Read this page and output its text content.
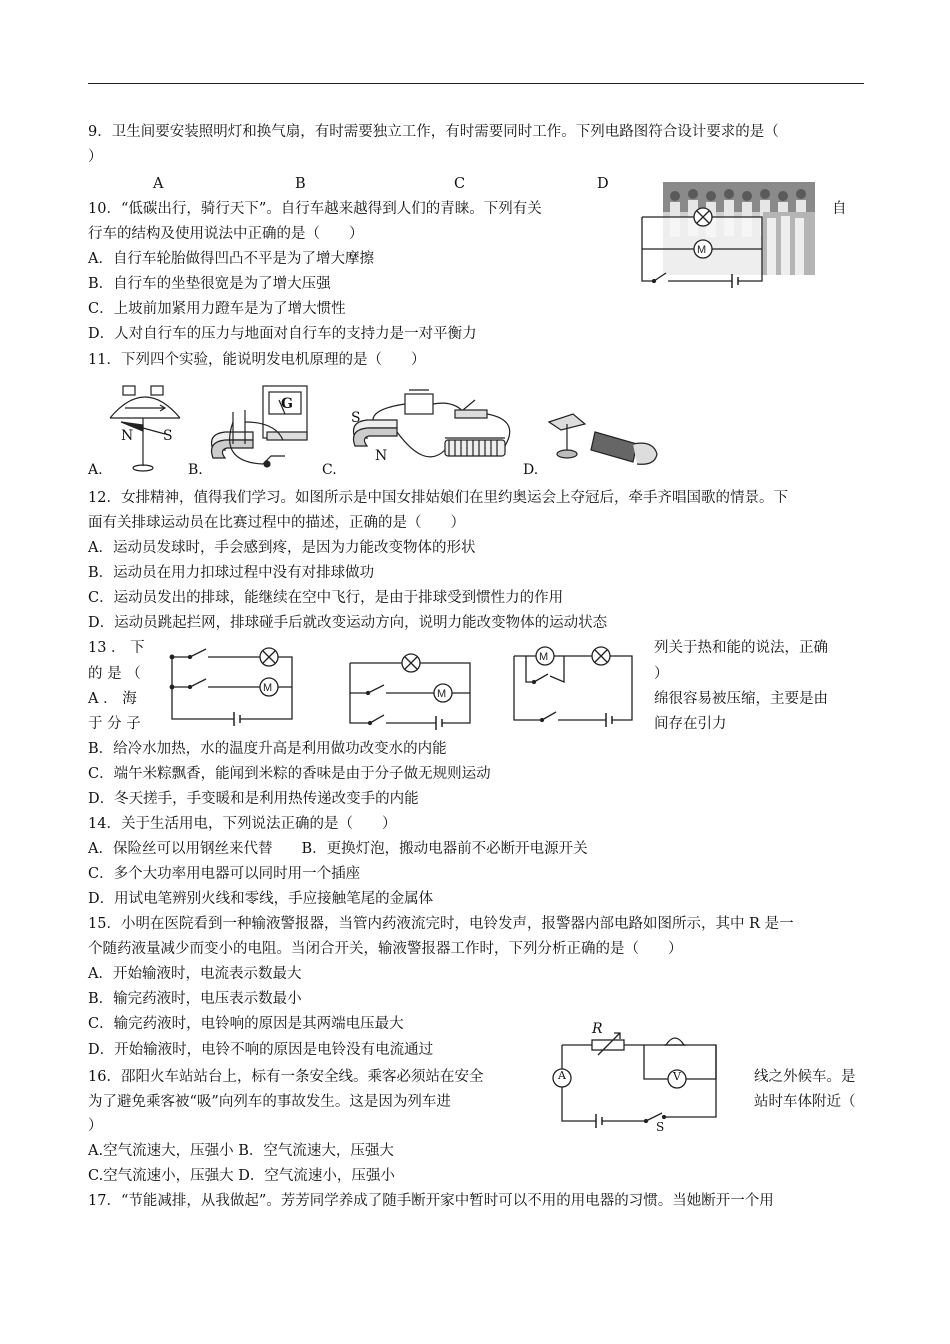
9．卫生间要安装照明灯和换气扇，有时需要独立工作，有时需要同时工作。下列电路图符合设计要求的是（
）
A	B	C	D
10．“低碳出行，骑行天下”。自行车越来越得到人们的青睐。下列有关	自
行车的结构及使用说法中正确的是（　　）
A．自行车轮胎做得凹凸不平是为了增大摩擦
B．自行车的坐垫很宽是为了增大压强
C．上坡前加紧用力蹬车是为了增大惯性
D．人对自行车的压力与地面对自行车的支持力是一对平衡力
M
11．下列四个实验，能说明发电机原理的是（　　）
N S
A.
G
B.
S
N
C.	D.
12．女排精神，值得我们学习。如图所示是中国女排姑娘们在里约奥运会上夺冠后，牵手齐唱国歌的情景。下
面有关排球运动员在比赛过程中的描述，正确的是（　　）
A．运动员发球时，手会感到疼，是因为力能改变物体的形状
B．运动员在用力扣球过程中没有对排球做功
C．运动员发出的排球，能继续在空中飞行，是由于排球受到惯性力的作用
D．运动员跳起拦网，排球碰手后就改变运动方向，说明力能改变物体的运动状态
13 ． 下	列关于热和能的说法，正确
的 是 （	）
A ． 海	绵很容易被压缩，主要是由
于 分 子	间存在引力
M	M
M
B．给冷水加热，水的温度升高是利用做功改变水的内能
C．端午米粽飘香，能闻到米粽的香味是由于分子做无规则运动
D．冬天搓手，手变暖和是利用热传递改变手的内能
14．关于生活用电，下列说法正确的是（　　）
A．保险丝可以用钢丝来代替　　B．更换灯泡，搬动电器前不必断开电源开关
C．多个大功率用电器可以同时用一个插座
D．用试电笔辨别火线和零线，手应接触笔尾的金属体
15．小明在医院看到一种输液警报器，当管内药液流完时，电铃发声，报警器内部电路如图所示，其中 R 是一
个随药液量减少而变小的电阻。当闭合开关，输液警报器工作时，下列分析正确的是（　　）
A．开始输液时，电流表示数最大
B．输完药液时，电压表示数最小
C．输完药液时，电铃响的原因是其两端电压最大
D．开始输液时，电铃不响的原因是电铃没有电流通过
R
A	V
S
16．邵阳火车站站台上，标有一条安全线。乘客必须站在安全	线之外候车。是
为了避免乘客被“吸”向列车的事故发生。这是因为列车进	站时车体附近（
）
A.空气流速大，压强小 B．空气流速大，压强大
C.空气流速小，压强大 D．空气流速小，压强小
17．“节能减排，从我做起”。芳芳同学养成了随手断开家中暂时可以不用的用电器的习惯。当她断开一个用
